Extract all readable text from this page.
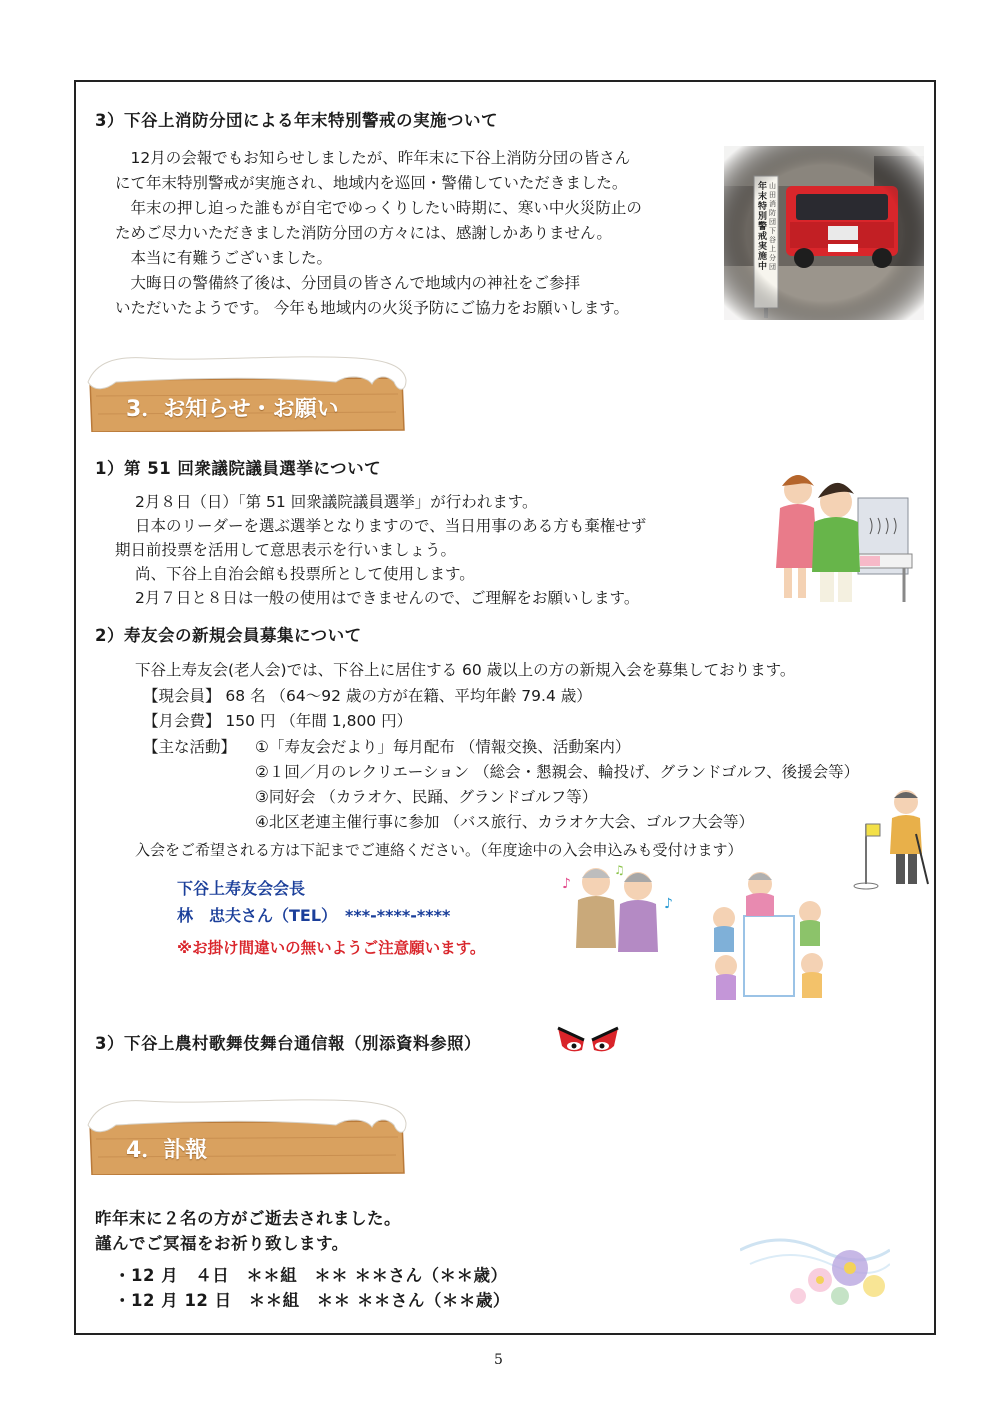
3）下谷上消防分団による年末特別警戒の実施ついて
　12月の会報でもお知らせしましたが、昨年末に下谷上消防分団の皆さん
にて年末特別警戒が実施され、地域内を巡回・警備していただきました。
　年末の押し迫った誰もが自宅でゆっくりしたい時期に、寒い中火災防止の
ためご尽力いただきました消防分団の方々には、感謝しかありません。
　本当に有難うございました。
　大晦日の警備終了後は、分団員の皆さんで地域内の神社をご参拝
いただいたようです。 今年も地域内の火災予防にご協力をお願いします。
年末特別警戒実施中
山田消防団下谷上分団
3．お知らせ・お願い
1）第 51 回衆議院議員選挙について
2月８日（日）「第 51 回衆議院議員選挙」が行われます。
日本のリーダーを選ぶ選挙となりますので、当日用事のある方も棄権せず
期日前投票を活用して意思表示を行いましょう。
尚、下谷上自治会館も投票所として使用します。
2月７日と８日は一般の使用はできませんので、ご理解をお願いします。
2）寿友会の新規会員募集について
下谷上寿友会(老人会)では、下谷上に居住する 60 歳以上の方の新規入会を募集しております。
【現会員】 68 名 （64～92 歳の方が在籍、平均年齢 79.4 歳）
【月会費】 150 円 （年間 1,800 円）
【主な活動】 ①「寿友会だより」毎月配布 （情報交換、活動案内）
②１回／月のレクリエーション （総会・懇親会、輪投げ、グランドゴルフ、後援会等）
③同好会 （カラオケ、民踊、グランドゴルフ等）
④北区老連主催行事に参加 （バス旅行、カラオケ大会、ゴルフ大会等）
入会をご希望される方は下記までご連絡ください。（年度途中の入会申込みも受付けます）
下谷上寿友会会長
林　忠夫さん（TEL） ***-****-****
※お掛け間違いの無いようご注意願います。
♪
♪
♫
3）下谷上農村歌舞伎舞台通信報（別添資料参照）
4．訃報
昨年末に２名の方がご逝去されました。
謹んでご冥福をお祈り致します。
・12 月　４日　＊＊組　＊＊ ＊＊さん（＊＊歳）
・12 月 12 日　＊＊組　＊＊ ＊＊さん（＊＊歳）
5
